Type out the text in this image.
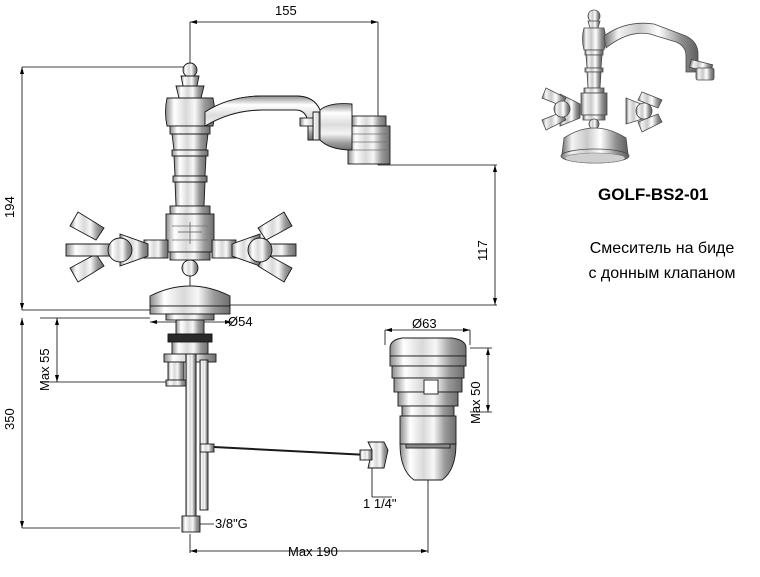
155
194
117
Max 55
Ø54	Ø63
Max 50
350
3/8"G
1 1/4"
Max 190
GOLF-BS2-01
Смеситель на биде
с донным клапаном
